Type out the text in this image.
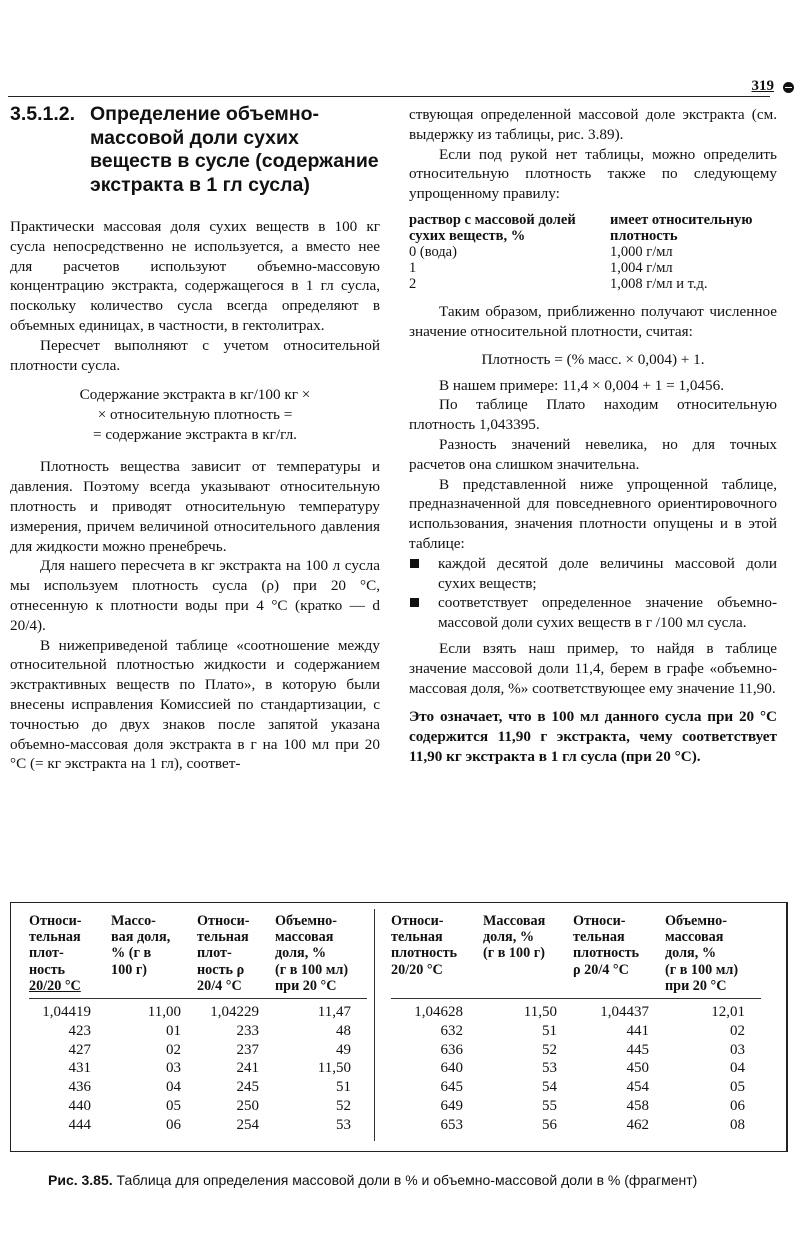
319
3.5.1.2. Определение объемно-массовой доли сухих веществ в сусле (содержание экстракта в 1 гл сусла)

Практически массовая доля сухих веществ в 100 кг сусла непосредственно не используется, а вместо нее для расчетов используют объемно-массовую концентрацию экстракта, содержащегося в 1 гл сусла, поскольку количество сусла всегда определяют в объемных единицах, в частности, в гектолитрах.

Пересчет выполняют с учетом относительной плотности сусла.

Содержание экстракта в кг/100 кг ×
× относительную плотность =
= содержание экстракта в кг/гл.

Плотность вещества зависит от температуры и давления. Поэтому всегда указывают относительную плотность и приводят относительную температуру измерения, причем величиной относительного давления для жидкости можно пренебречь.

Для нашего пересчета в кг экстракта на 100 л сусла мы используем плотность сусла (ρ) при 20 °С, отнесенную к плотности воды при 4 °С (кратко — d 20/4).

В нижеприведеной таблице «соотношение между относительной плотностью жидкости и содержанием экстрактивных веществ по Плато», в которую были внесены исправления Комиссией по стандартизации, с точностью до двух знаков после запятой указана объемно-массовая доля экстракта в г на 100 мл при 20 °С (= кг экстракта на 1 гл), соответ-

ствующая определенной массовой доле экстракта (см. выдержку из таблицы, рис. 3.89).

Если под рукой нет таблицы, можно определить относительную плотность также по следующему упрощенному правилу:

раствор с массовой долей сухих веществ, %	имеет относительную плотность
0 (вода)	1,000 г/мл
1	1,004 г/мл
2	1,008 г/мл и т.д.

Таким образом, приближенно получают численное значение относительной плотности, считая:

Плотность = (% масс. × 0,004) + 1.

В нашем примере: 11,4 × 0,004 + 1 = 1,0456.

По таблице Плато находим относительную плотность 1,043395.

Разность значений невелика, но для точных расчетов она слишком значительна.

В представленной ниже упрощенной таблице, предназначенной для повседневного ориентировочного использования, значения плотности опущены и в этой таблице:

каждой десятой доле величины массовой доли сухих веществ;
соответствует определенное значение объемно-массовой доли сухих веществ в г /100 мл сусла.

Если взять наш пример, то найдя в таблице значение массовой доли 11,4, берем в графе «объемно-массовая доля, %» соответствующее ему значение 11,90.

Это означает, что в 100 мл данного сусла при 20 °С содержится 11,90 г экстракта, чему соответствует 11,90 кг экстракта в 1 гл сусла (при 20 °С).

Относи-
тельная
плот-
ность
20/20 °С

Массо-
вая доля,
% (г в
100 г)

Относи-
тельная
плот-
ность ρ
20/4 °С

Объемно-
массовая
доля, %
(г в 100 мл)
при 20 °С

1,04419	11,00	1,04229	11,47
423	01	233	48
427	02	237	49
431	03	241	11,50
436	04	245	51
440	05	250	52
444	06	254	53
Относи-
тельная
плотность
20/20 °С

Массовая
доля, %
(г в 100 г)

Относи-
тельная
плотность
ρ 20/4 °С

Объемно-
массовая
доля, %
(г в 100 мл)
при 20 °С

1,04628	11,50	1,04437	12,01
632	51	441	02
636	52	445	03
640	53	450	04
645	54	454	05
649	55	458	06
653	56	462	08
Рис. 3.85. Таблица для определения массовой доли в % и объемно-массовой доли в % (фрагмент)
